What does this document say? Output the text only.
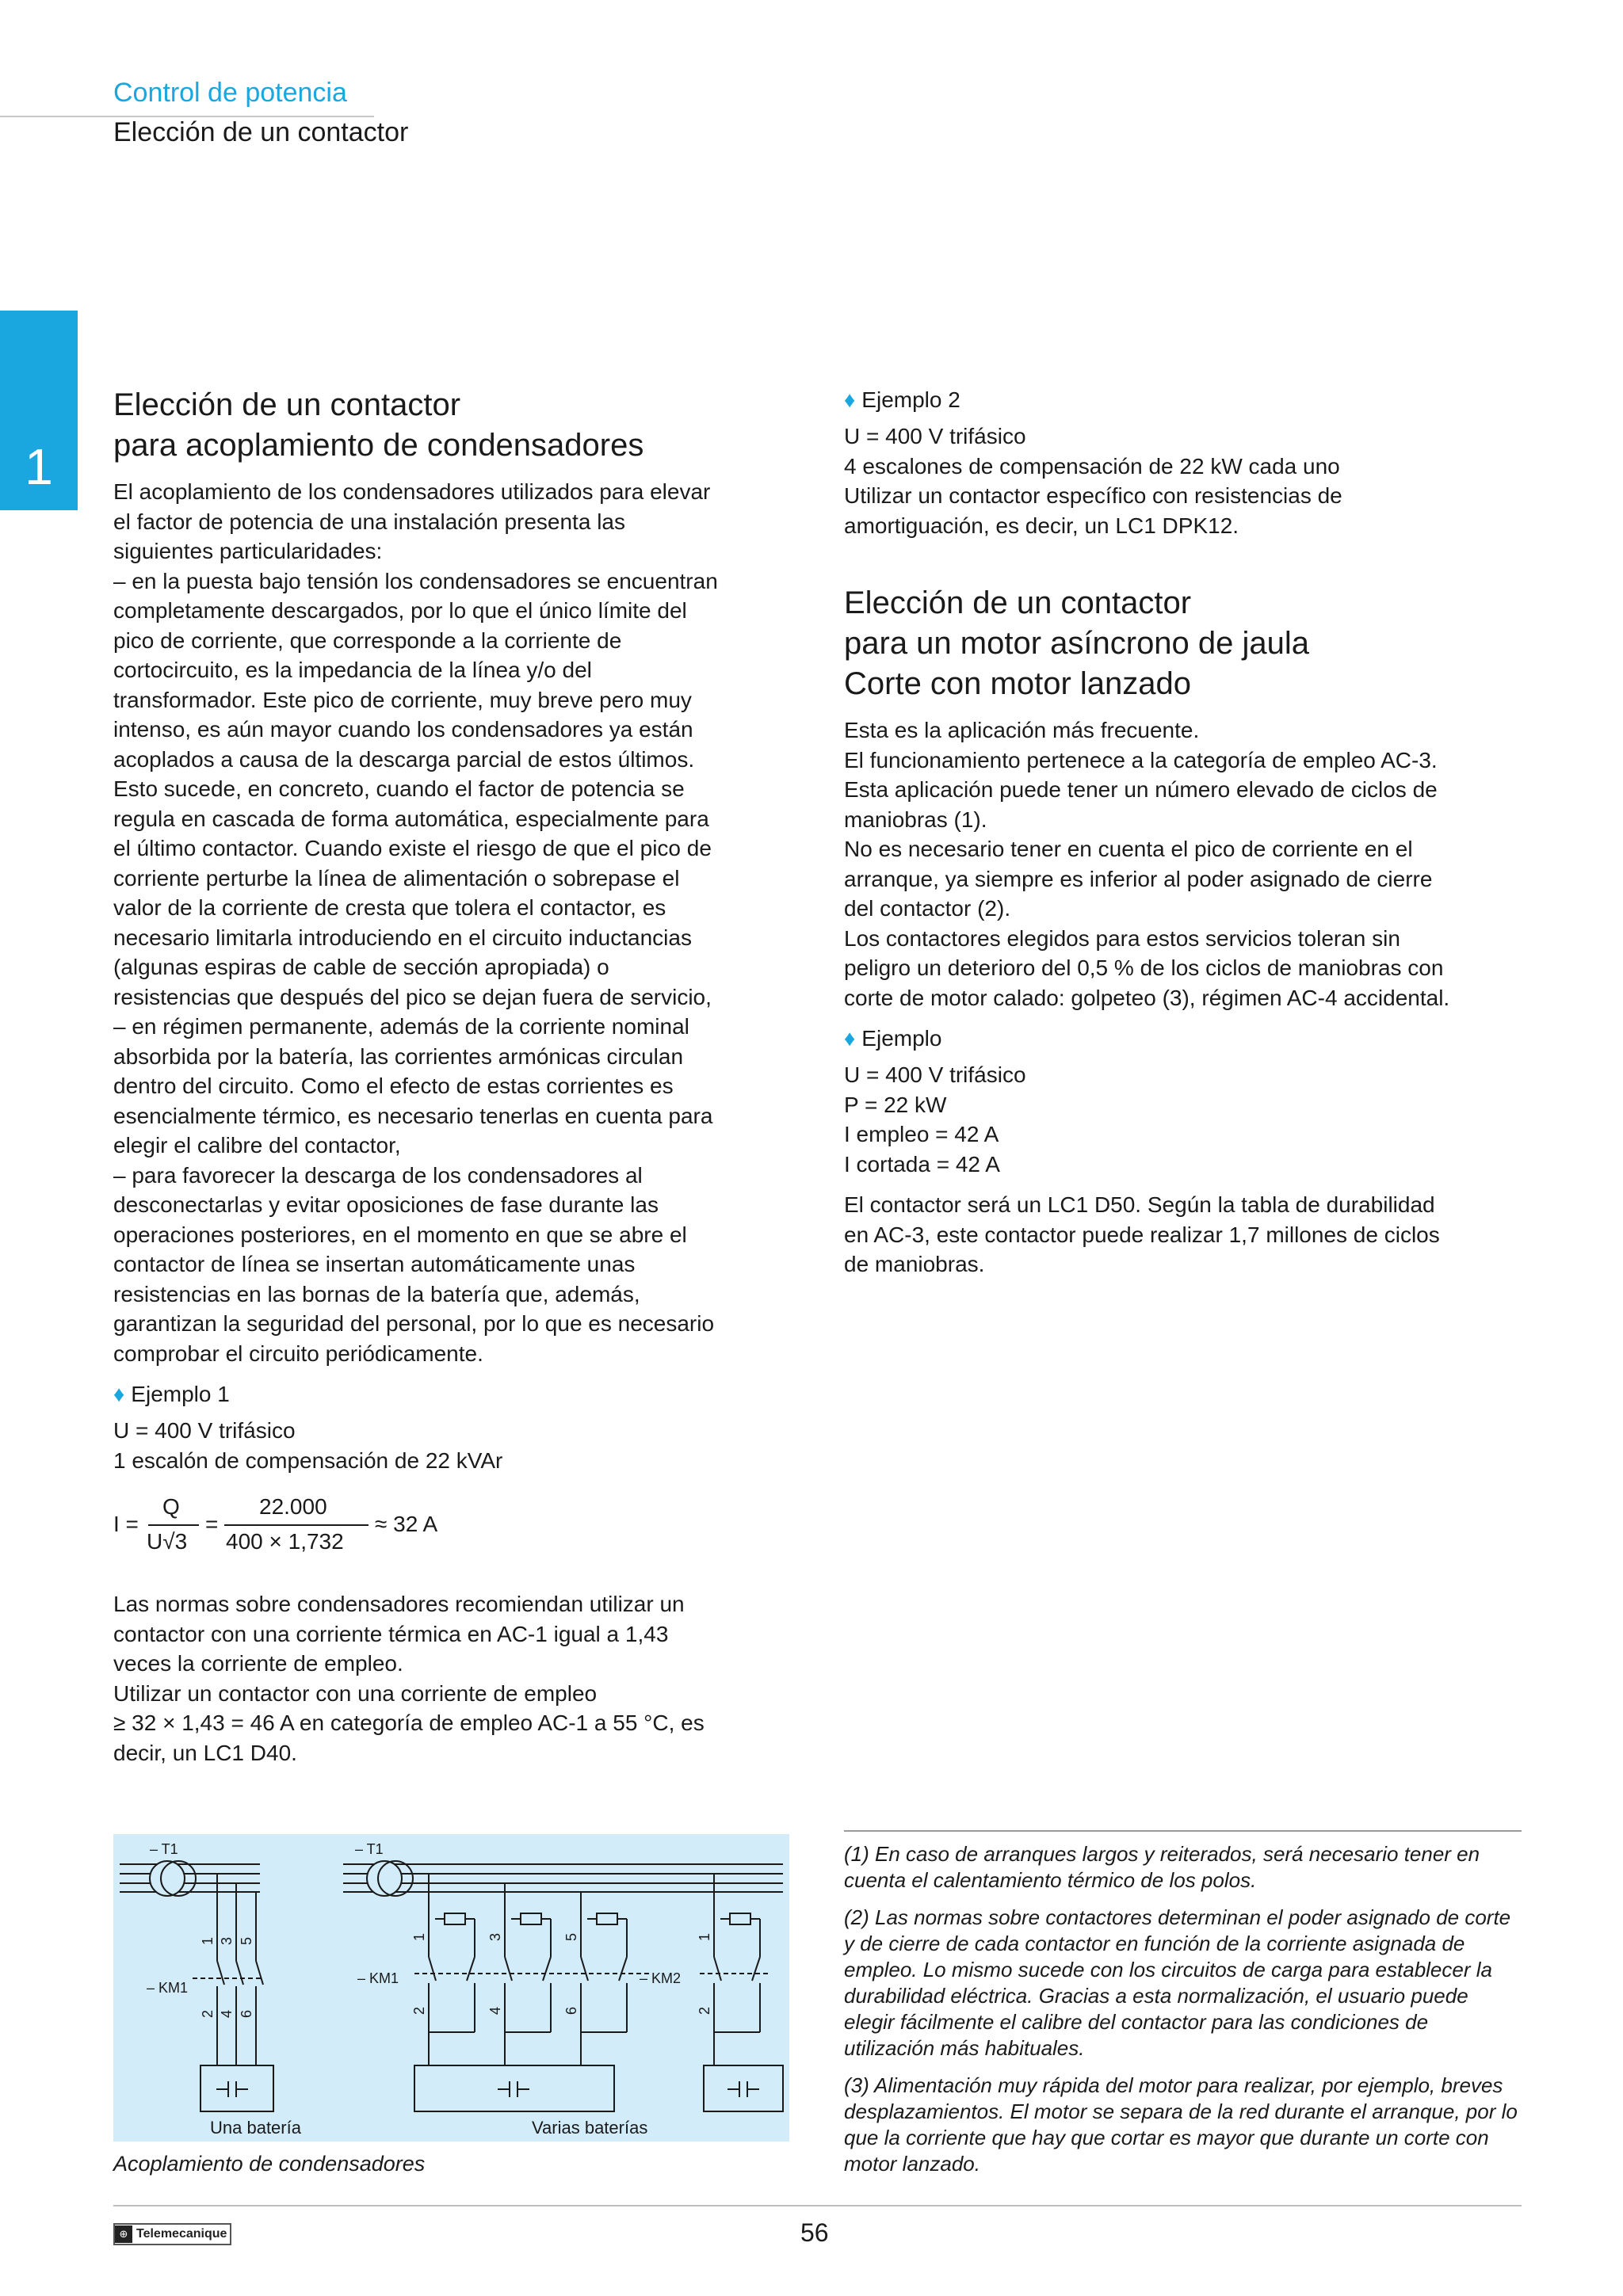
Control de potencia
Elección de un contactor
1
Elección de un contactor
para acoplamiento de condensadores
El acoplamiento de los condensadores utilizados para elevar
el factor de potencia de una instalación presenta las
siguientes particularidades:
– en la puesta bajo tensión los condensadores se encuentran
completamente descargados, por lo que el único límite del
pico de corriente, que corresponde a la corriente de
cortocircuito, es la impedancia de la línea y/o del
transformador. Este pico de corriente, muy breve pero muy
intenso, es aún mayor cuando los condensadores ya están
acoplados a causa de la descarga parcial de estos últimos.
Esto sucede, en concreto, cuando el factor de potencia se
regula en cascada de forma automática, especialmente para
el último contactor. Cuando existe el riesgo de que el pico de
corriente perturbe la línea de alimentación o sobrepase el
valor de la corriente de cresta que tolera el contactor, es
necesario limitarla introduciendo en el circuito inductancias
(algunas espiras de cable de sección apropiada) o
resistencias que después del pico se dejan fuera de servicio,
– en régimen permanente, además de la corriente nominal
absorbida por la batería, las corrientes armónicas circulan
dentro del circuito. Como el efecto de estas corrientes es
esencialmente térmico, es necesario tenerlas en cuenta para
elegir el calibre del contactor,
– para favorecer la descarga de los condensadores al
desconectarlas y evitar oposiciones de fase durante las
operaciones posteriores, en el momento en que se abre el
contactor de línea se insertan automáticamente unas
resistencias en las bornas de la batería que, además,
garantizan la seguridad del personal, por lo que es necesario
comprobar el circuito periódicamente.
♦ Ejemplo 1
U = 400 V trifásico
1 escalón de compensación de 22 kVAr
I =
Q
U√3
=
22.000
400 × 1,732
≈ 32 A
Las normas sobre condensadores recomiendan utilizar un
contactor con una corriente térmica en AC-1 igual a 1,43
veces la corriente de empleo.
Utilizar un contactor con una corriente de empleo
≥ 32 × 1,43 = 46 A en categoría de empleo AC-1 a 55 °C, es
decir, un LC1 D40.
♦ Ejemplo 2
U = 400 V trifásico
4 escalones de compensación de 22 kW cada uno
Utilizar un contactor específico con resistencias de
amortiguación, es decir, un LC1 DPK12.
Elección de un contactor
para un motor asíncrono de jaula
Corte con motor lanzado
Esta es la aplicación más frecuente.
El funcionamiento pertenece a la categoría de empleo AC-3.
Esta aplicación puede tener un número elevado de ciclos de
maniobras (1).
No es necesario tener en cuenta el pico de corriente en el
arranque, ya siempre es inferior al poder asignado de cierre
del contactor (2).
Los contactores elegidos para estos servicios toleran sin
peligro un deterioro del 0,5 % de los ciclos de maniobras con
corte de motor calado: golpeteo (3), régimen AC-4 accidental.
♦ Ejemplo
U = 400 V trifásico
P = 22 kW
I empleo = 42 A
I cortada = 42 A
El contactor será un LC1 D50. Según la tabla de durabilidad
en AC-3, este contactor puede realizar 1,7 millones de ciclos
de maniobras.
– T1	– T1
– KM1
– KM1	– KM2
1 3 5
2 4 6
1	3	5
2	4	6
1
2
Una batería	Varias baterías
Acoplamiento de condensadores
(1) En caso de arranques largos y reiterados, será necesario tener en cuenta el calentamiento térmico de los polos.
(2) Las normas sobre contactores determinan el poder asignado de corte y de cierre de cada contactor en función de la corriente asignada de empleo. Lo mismo sucede con los circuitos de carga para establecer la durabilidad eléctrica. Gracias a esta normalización, el usuario puede elegir fácilmente el calibre del contactor para las condiciones de utilización más habituales.
(3) Alimentación muy rápida del motor para realizar, por ejemplo, breves desplazamientos. El motor se separa de la red durante el arranque, por lo que la corriente que hay que cortar es mayor que durante un corte con motor lanzado.
⊕ Telemecanique	56
